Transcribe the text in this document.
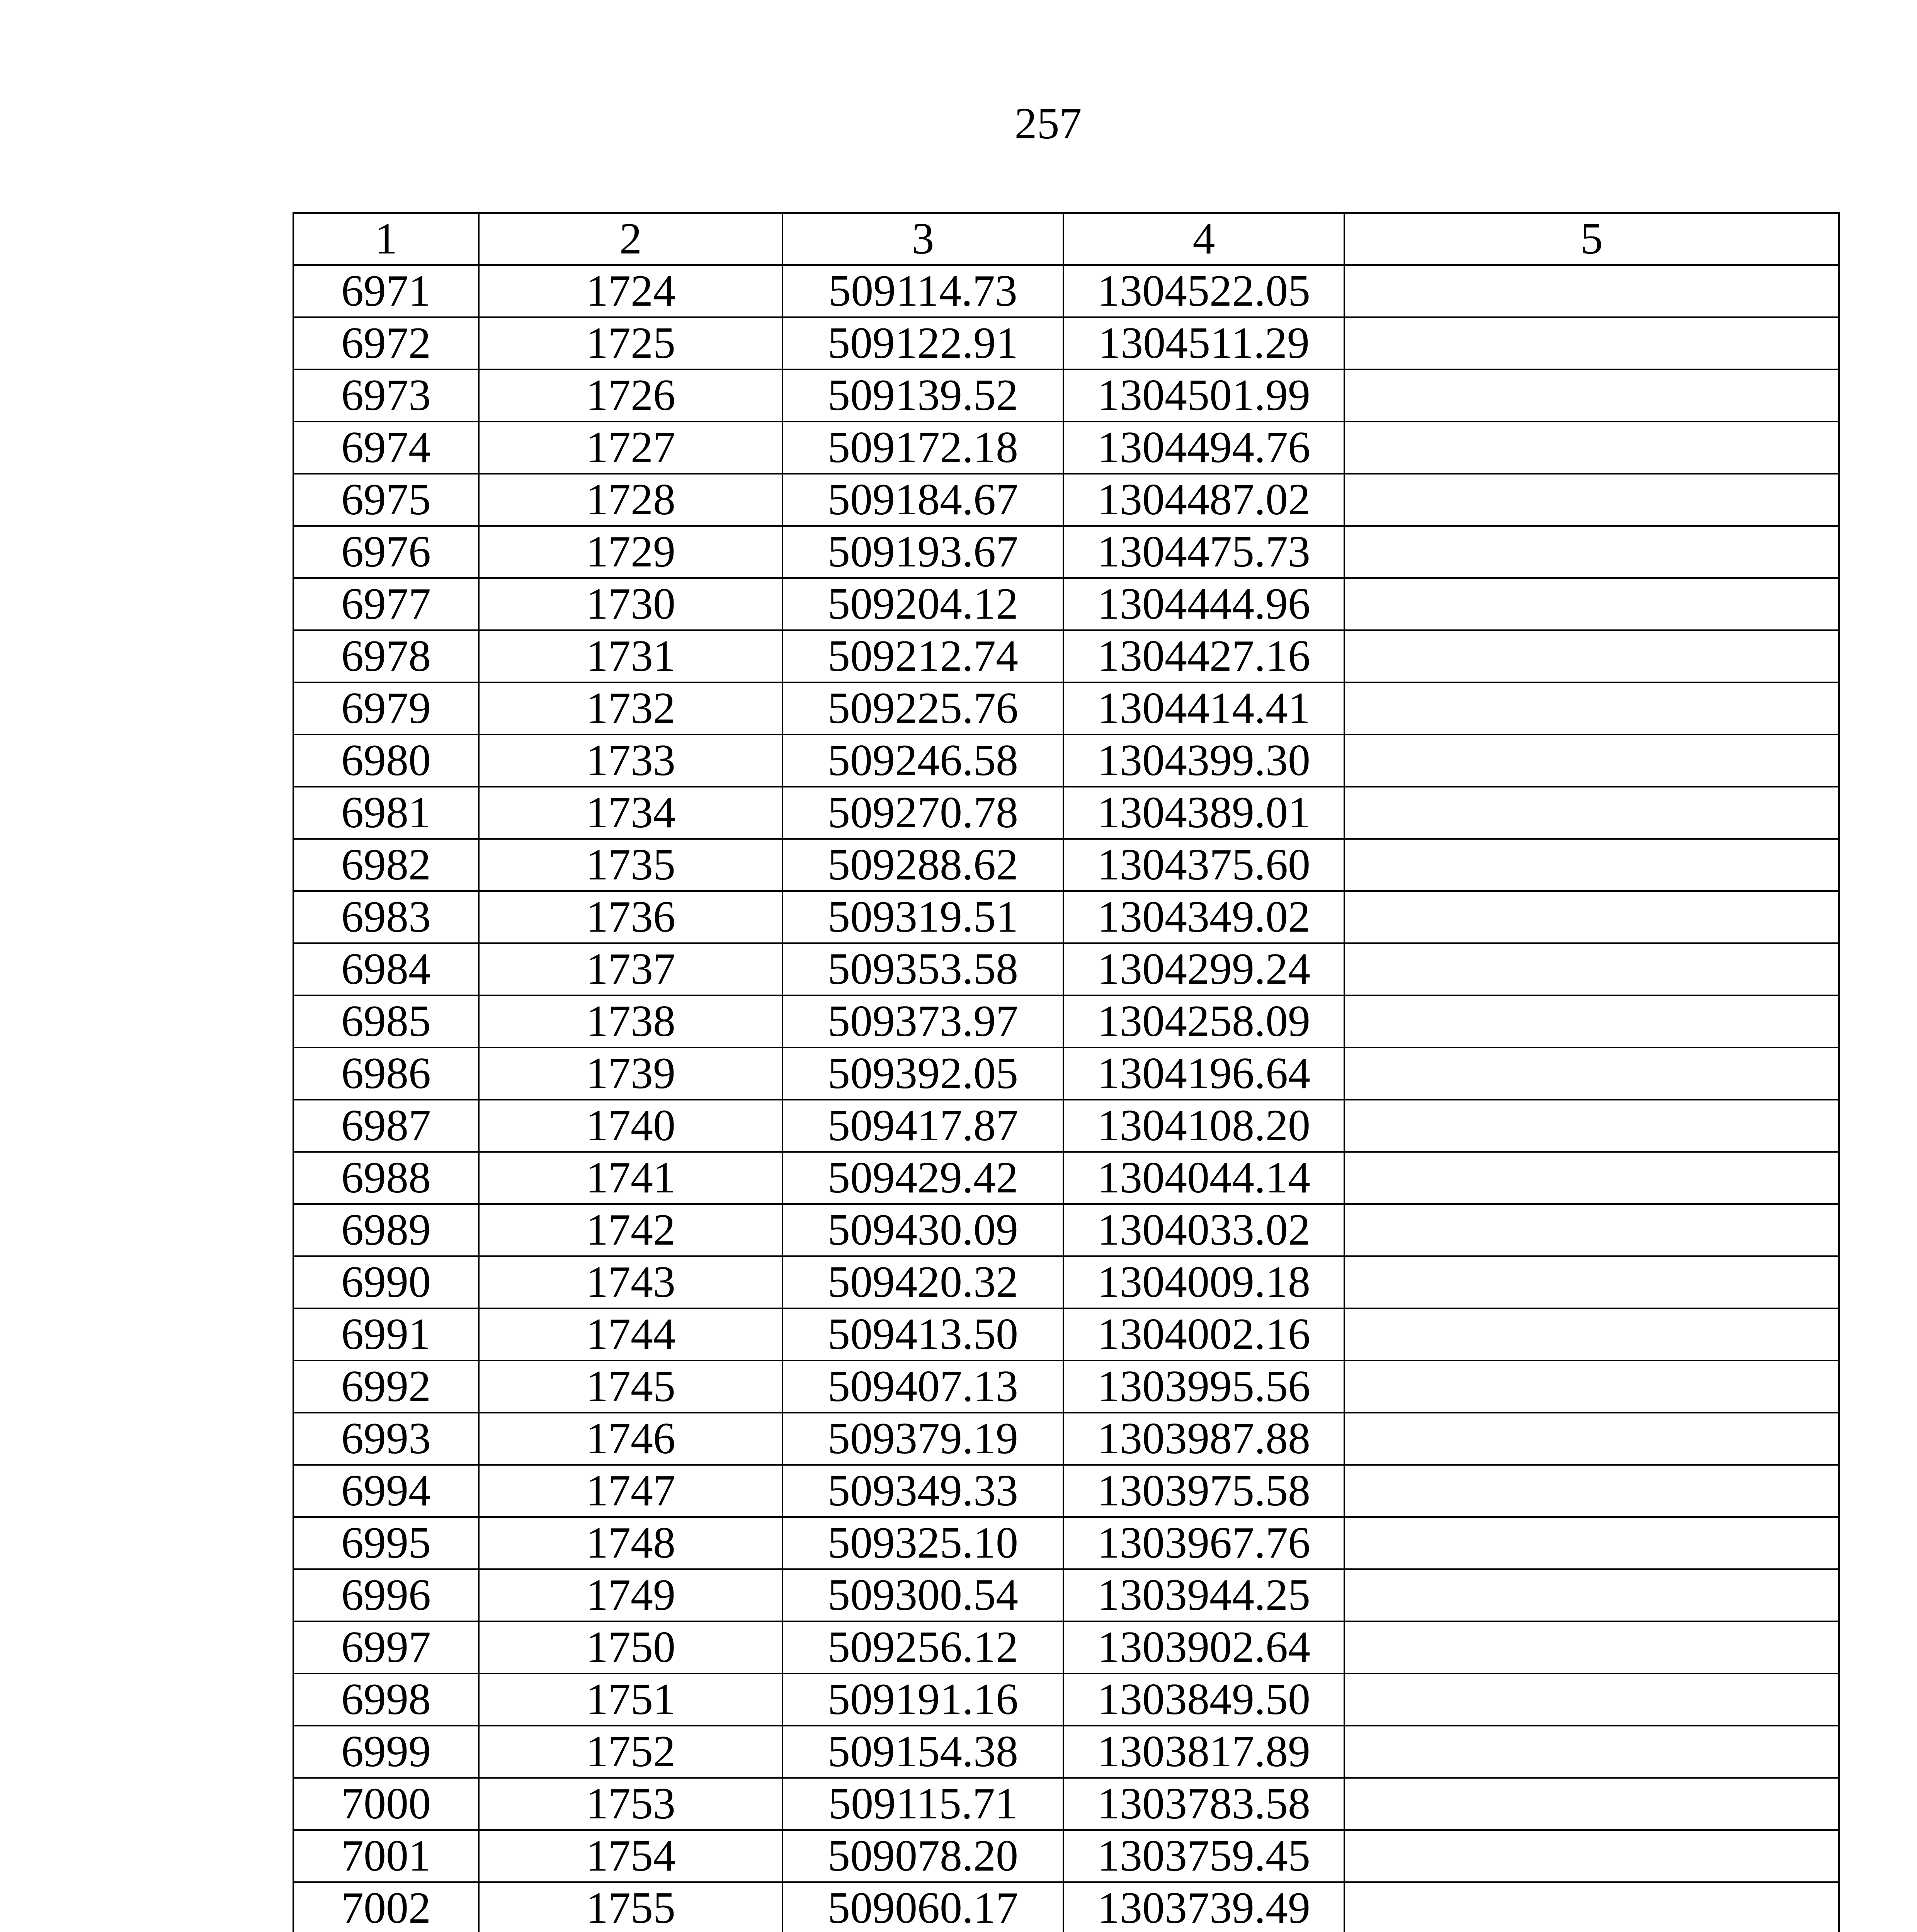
257
1	2	3	4	5
6971	1724	509114.73	1304522.05	
6972	1725	509122.91	1304511.29	
6973	1726	509139.52	1304501.99	
6974	1727	509172.18	1304494.76	
6975	1728	509184.67	1304487.02	
6976	1729	509193.67	1304475.73	
6977	1730	509204.12	1304444.96	
6978	1731	509212.74	1304427.16	
6979	1732	509225.76	1304414.41	
6980	1733	509246.58	1304399.30	
6981	1734	509270.78	1304389.01	
6982	1735	509288.62	1304375.60	
6983	1736	509319.51	1304349.02	
6984	1737	509353.58	1304299.24	
6985	1738	509373.97	1304258.09	
6986	1739	509392.05	1304196.64	
6987	1740	509417.87	1304108.20	
6988	1741	509429.42	1304044.14	
6989	1742	509430.09	1304033.02	
6990	1743	509420.32	1304009.18	
6991	1744	509413.50	1304002.16	
6992	1745	509407.13	1303995.56	
6993	1746	509379.19	1303987.88	
6994	1747	509349.33	1303975.58	
6995	1748	509325.10	1303967.76	
6996	1749	509300.54	1303944.25	
6997	1750	509256.12	1303902.64	
6998	1751	509191.16	1303849.50	
6999	1752	509154.38	1303817.89	
7000	1753	509115.71	1303783.58	
7001	1754	509078.20	1303759.45	
7002	1755	509060.17	1303739.49	
